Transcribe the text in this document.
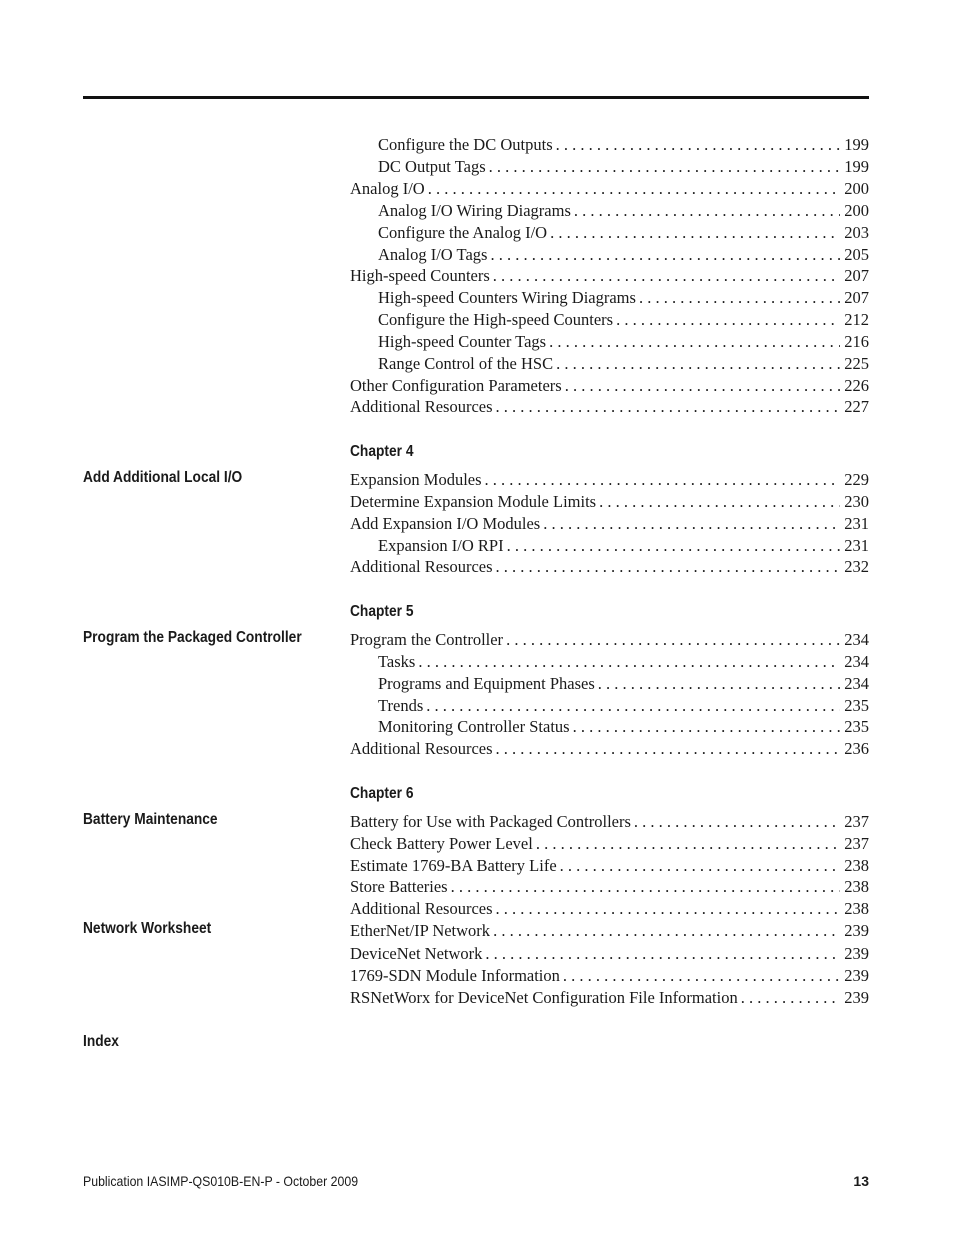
Configure the DC Outputs . . .	199
DC Output Tags . . .	199
Analog I/O . . .	200
Analog I/O Wiring Diagrams . . .	200
Configure the Analog I/O . . .	203
Analog I/O Tags . . .	205
High-speed Counters . . .	207
High-speed Counters Wiring Diagrams . . .	207
Configure the High-speed Counters . . .	212
High-speed Counter Tags . . .	216
Range Control of the HSC . . .	225
Other Configuration Parameters . . .	226
Additional Resources . . .	227
Chapter 4
Add Additional Local I/O	Expansion Modules . . .	229
Determine Expansion Module Limits . . .	230
Add Expansion I/O Modules . . .	231
Expansion I/O RPI . . .	231
Additional Resources . . .	232
Chapter 5
Program the Packaged Controller	Program the Controller . . .	234
Tasks . . .	234
Programs and Equipment Phases . . .	234
Trends . . .	235
Monitoring Controller Status . . .	235
Additional Resources . . .	236
Chapter 6
Battery Maintenance	Battery for Use with Packaged Controllers . . .	237
Check Battery Power Level . . .	237
Estimate 1769-BA Battery Life . . .	238
Store Batteries . . .	238
Additional Resources . . .	238
Network Worksheet	EtherNet/IP Network . . .	239
DeviceNet Network . . .	239
1769-SDN Module Information . . .	239
RSNetWorx for DeviceNet Configuration File Information . . .	239
Index
Publication IASIMP-QS010B-EN-P - October 2009	13
